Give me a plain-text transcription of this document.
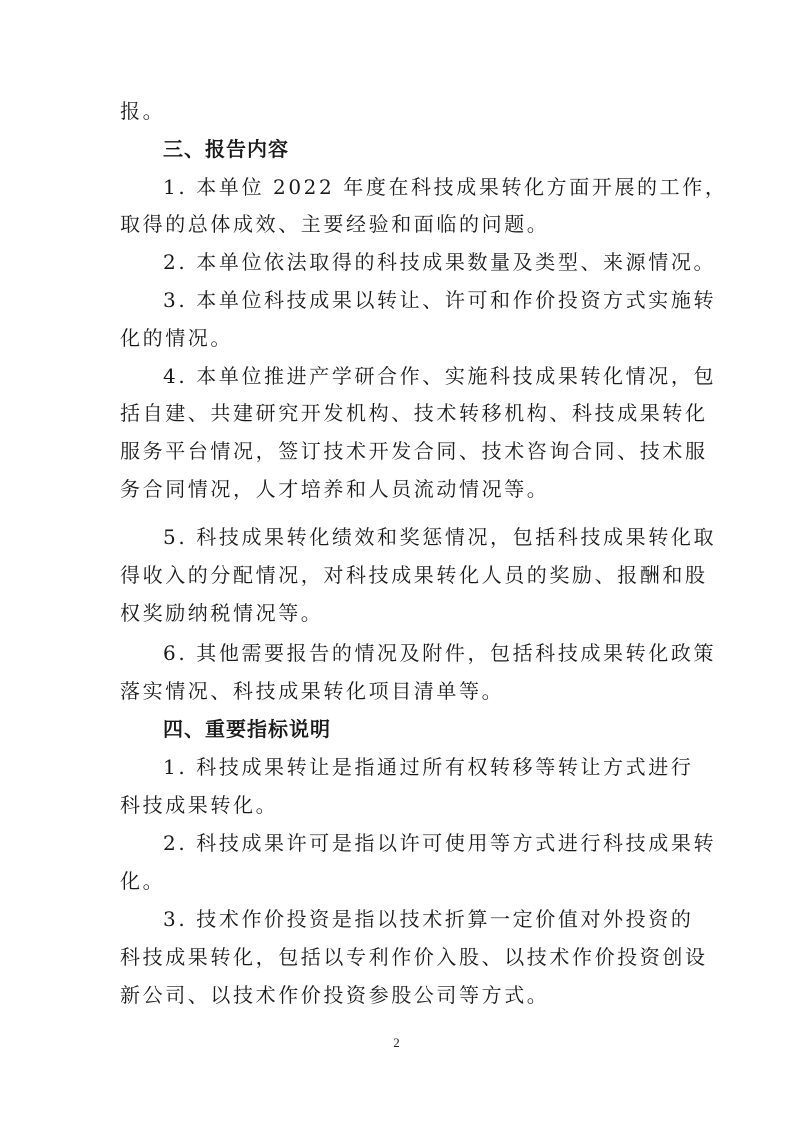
报。
三、报告内容
1. 本单位 2022 年度在科技成果转化方面开展的工作，
取得的总体成效、主要经验和面临的问题。
2. 本单位依法取得的科技成果数量及类型、来源情况。
3. 本单位科技成果以转让、许可和作价投资方式实施转
化的情况。
4. 本单位推进产学研合作、实施科技成果转化情况，包
括自建、共建研究开发机构、技术转移机构、科技成果转化
服务平台情况，签订技术开发合同、技术咨询合同、技术服
务合同情况，人才培养和人员流动情况等。
5. 科技成果转化绩效和奖惩情况，包括科技成果转化取
得收入的分配情况，对科技成果转化人员的奖励、报酬和股
权奖励纳税情况等。
6. 其他需要报告的情况及附件，包括科技成果转化政策
落实情况、科技成果转化项目清单等。
四、重要指标说明
1. 科技成果转让是指通过所有权转移等转让方式进行
科技成果转化。
2. 科技成果许可是指以许可使用等方式进行科技成果转
化。
3. 技术作价投资是指以技术折算一定价值对外投资的
科技成果转化，包括以专利作价入股、以技术作价投资创设
新公司、以技术作价投资参股公司等方式。
2
